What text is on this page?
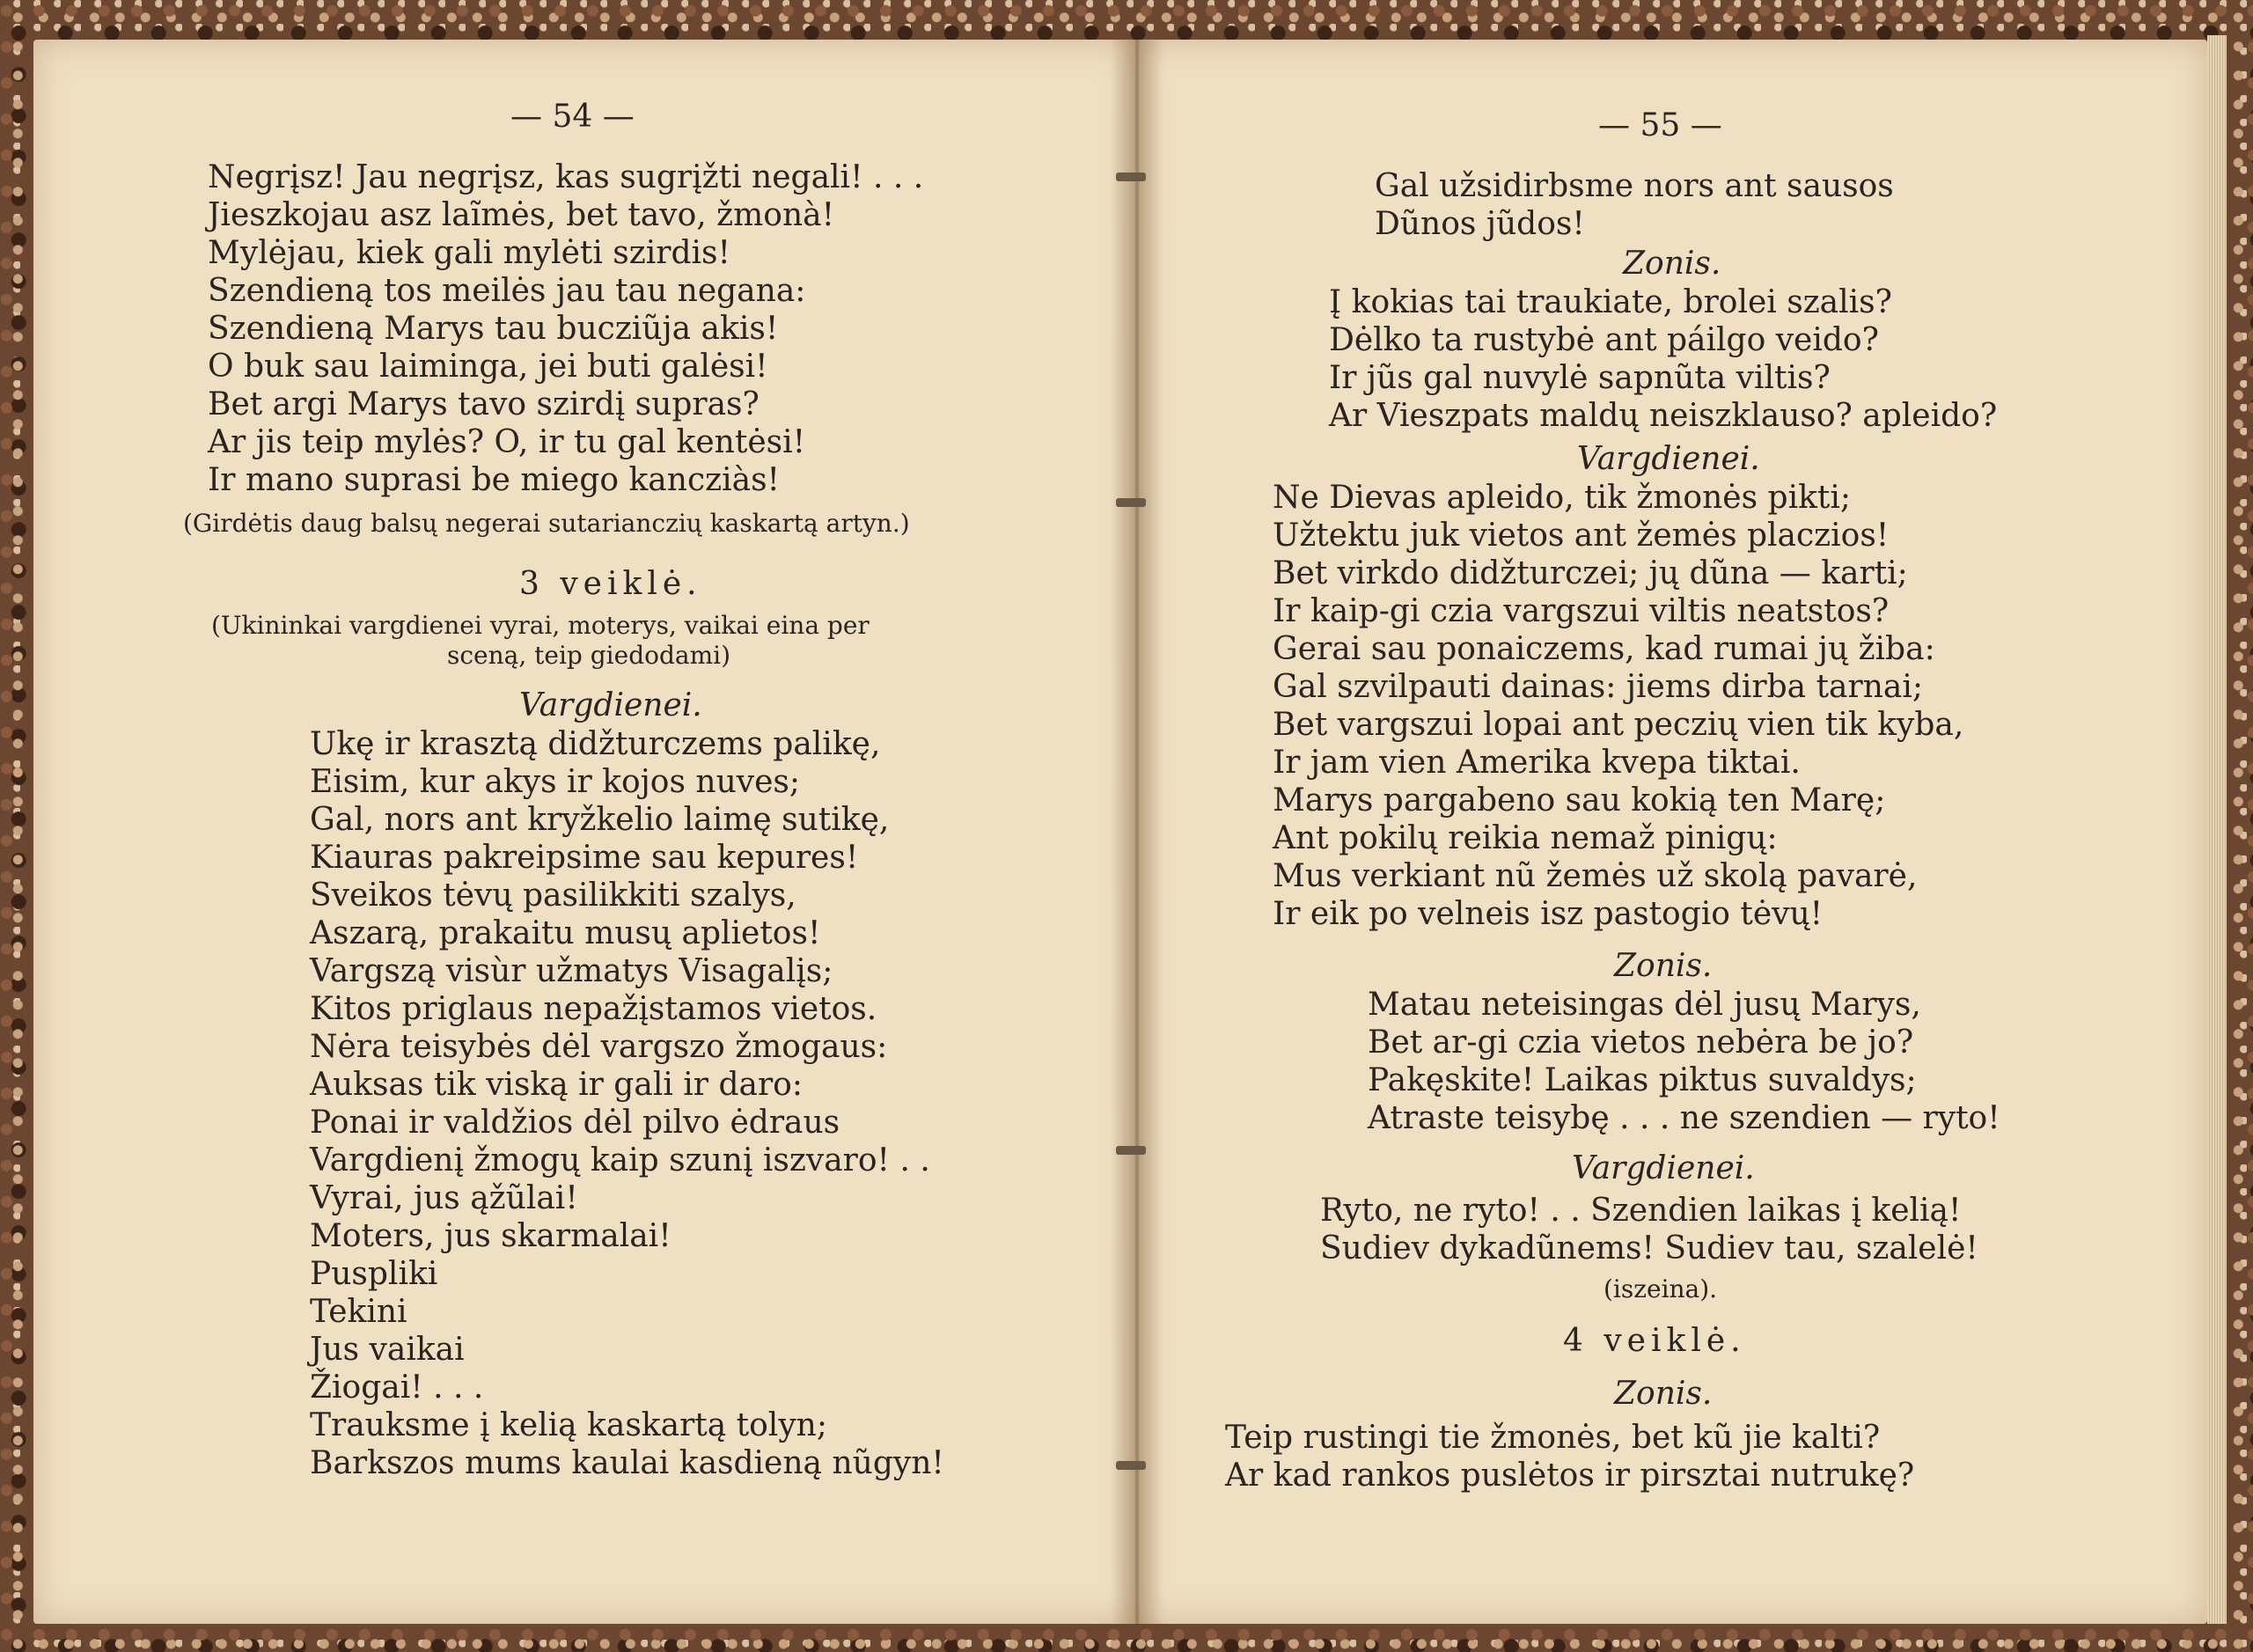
— 54 —
Negrįsz! Jau negrįsz, kas sugrįžti negali! . . .
Jieszkojau asz laĩmės, bet tavo, žmonà!
Mylėjau, kiek gali mylėti szirdis!
Szendieną tos meilės jau tau negana:
Szendieną Marys tau bucziũja akis!
O buk sau laiminga, jei buti galėsi!
Bet argi Marys tavo szirdį supras?
Ar jis teip mylės? O, ir tu gal kentėsi!
Ir mano suprasi be miego kancziàs!
(Girdėtis daug balsų negerai sutarianczių kaskartą artyn.)
3 veiklė.
(Ukininkai vargdienei vyrai, moterys, vaikai eina per
sceną, teip giedodami)
Vargdienei.
Ukę ir krasztą didžturczems palikę,
Eisim, kur akys ir kojos nuves;
Gal, nors ant kryžkelio laimę sutikę,
Kiauras pakreipsime sau kepures!
Sveikos tėvų pasilikkiti szalys,
Aszarą, prakaitu musų aplietos!
Vargszą visùr užmatys Visagalįs;
Kitos priglaus nepažįstamos vietos.
Nėra teisybės dėl vargszo žmogaus:
Auksas tik viską ir gali ir daro:
Ponai ir valdžios dėl pilvo ėdraus
Vargdienį žmogų kaip szunį iszvaro! . .
Vyrai, jus ąžũlai!
Moters, jus skarmalai!
Puspliki
Tekini
Jus vaikai
Žiogai! . . .
Trauksme į kelią kaskartą tolyn;
Barkszos mums kaulai kasdieną nũgyn!
— 55 —
Gal užsidirbsme nors ant sausos
Dũnos jũdos!
Zonis.
Į kokias tai traukiate, brolei szalis?
Dėlko ta rustybė ant páilgo veido?
Ir jũs gal nuvylė sapnũta viltis?
Ar Vieszpats maldų neiszklauso? apleido?
Vargdienei.
Ne Dievas apleido, tik žmonės pikti;
Užtektu juk vietos ant žemės placzios!
Bet virkdo didžturczei; jų dũna — karti;
Ir kaip-gi czia vargszui viltis neatstos?
Gerai sau ponaiczems, kad rumai jų žiba:
Gal szvilpauti dainas: jiems dirba tarnai;
Bet vargszui lopai ant peczių vien tik kyba,
Ir jam vien Amerika kvepa tiktai.
Marys pargabeno sau kokią ten Marę;
Ant pokilų reikia nemaž pinigų:
Mus verkiant nũ žemės už skolą pavarė,
Ir eik po velneis isz pastogio tėvų!
Zonis.
Matau neteisingas dėl jusų Marys,
Bet ar-gi czia vietos nebėra be jo?
Pakęskite! Laikas piktus suvaldys;
Atraste teisybę . . . ne szendien — ryto!
Vargdienei.
Ryto, ne ryto! . . Szendien laikas į kelią!
Sudiev dykadũnems! Sudiev tau, szalelė!
(iszeina).
4 veiklė.
Zonis.
Teip rustingi tie žmonės, bet kũ jie kalti?
Ar kad rankos puslėtos ir pirsztai nutrukę?
